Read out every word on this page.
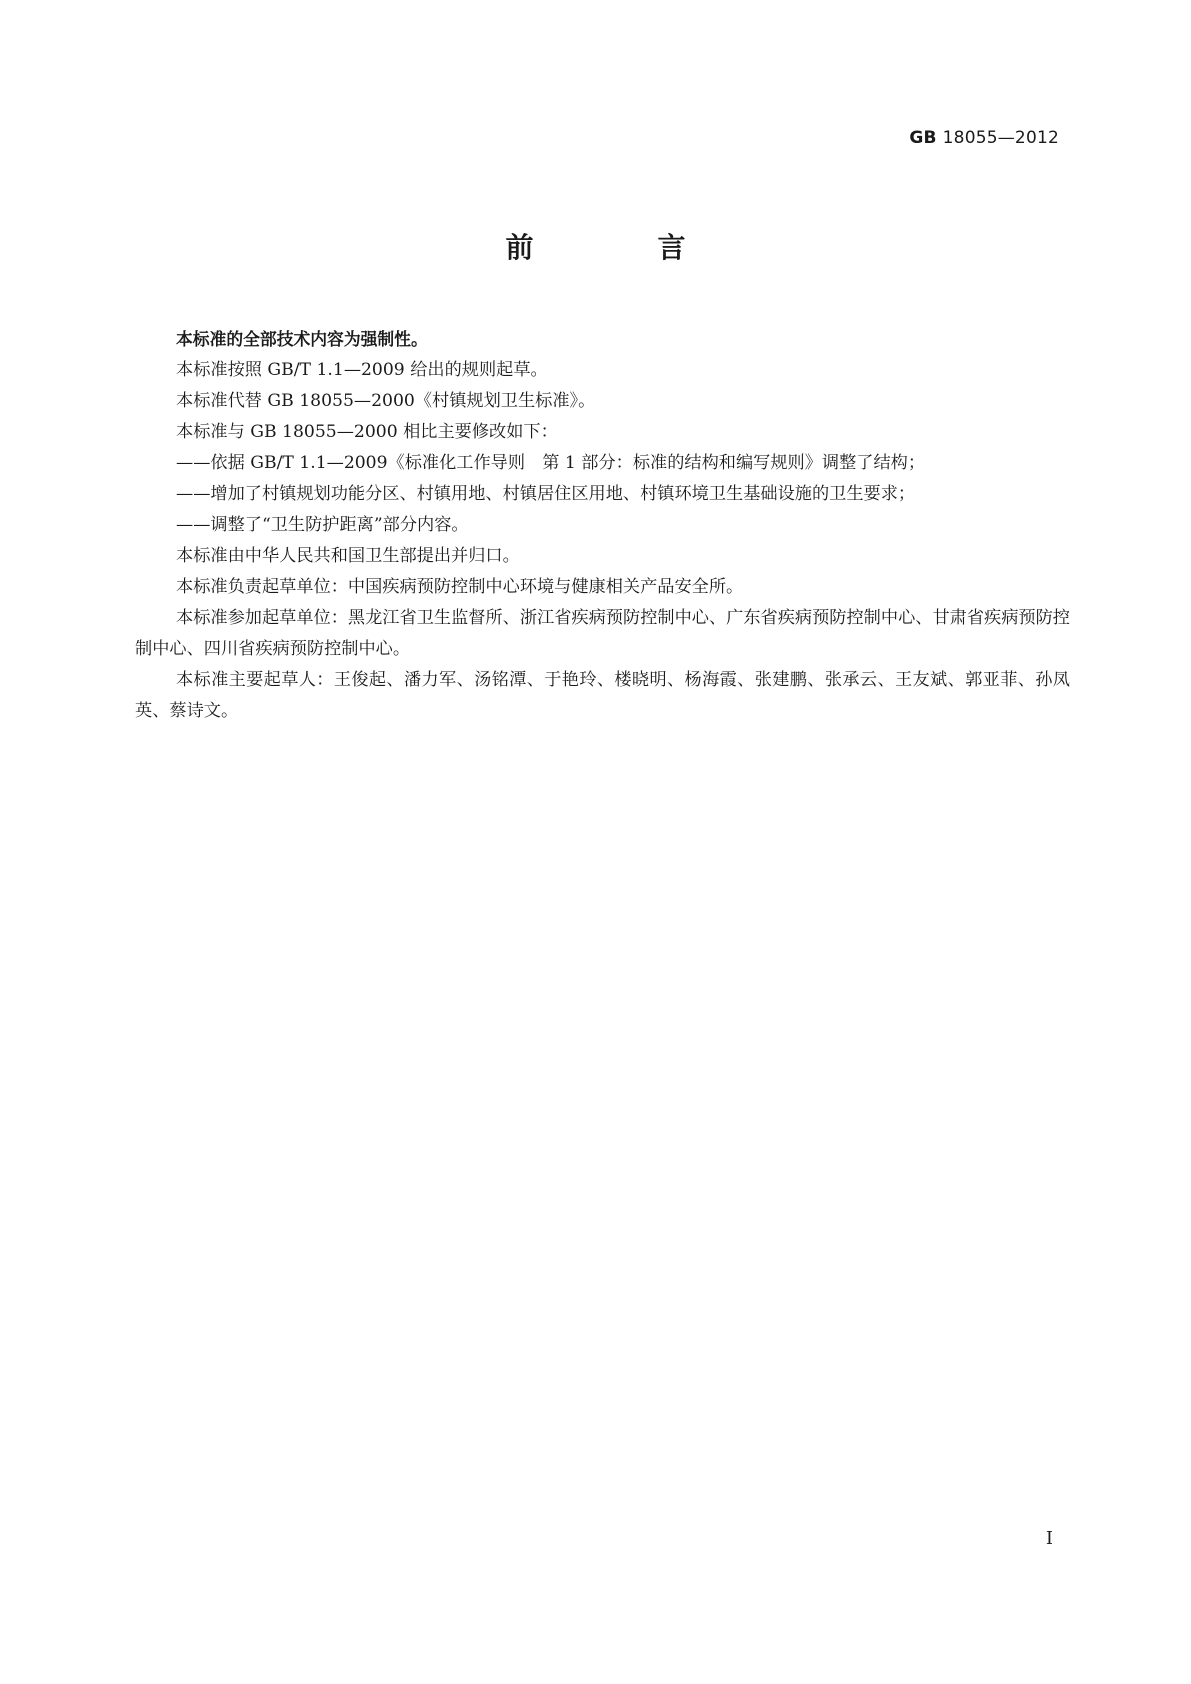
GB 18055—2012
前　言

本标准的全部技术内容为强制性。

本标准按照 GB/T 1.1—2009 给出的规则起草。

本标准代替 GB 18055—2000《村镇规划卫生标准》。

本标准与 GB 18055—2000 相比主要修改如下：

——依据 GB/T 1.1—2009《标准化工作导则　第 1 部分：标准的结构和编写规则》调整了结构；

——增加了村镇规划功能分区、村镇用地、村镇居住区用地、村镇环境卫生基础设施的卫生要求；

——调整了“卫生防护距离”部分内容。

本标准由中华人民共和国卫生部提出并归口。

本标准负责起草单位：中国疾病预防控制中心环境与健康相关产品安全所。

本标准参加起草单位：黑龙江省卫生监督所、浙江省疾病预防控制中心、广东省疾病预防控制中心、甘肃省疾病预防控制中心、四川省疾病预防控制中心。

本标准主要起草人：王俊起、潘力军、汤铭潭、于艳玲、楼晓明、杨海霞、张建鹏、张承云、王友斌、郭亚菲、孙凤英、蔡诗文。

I
